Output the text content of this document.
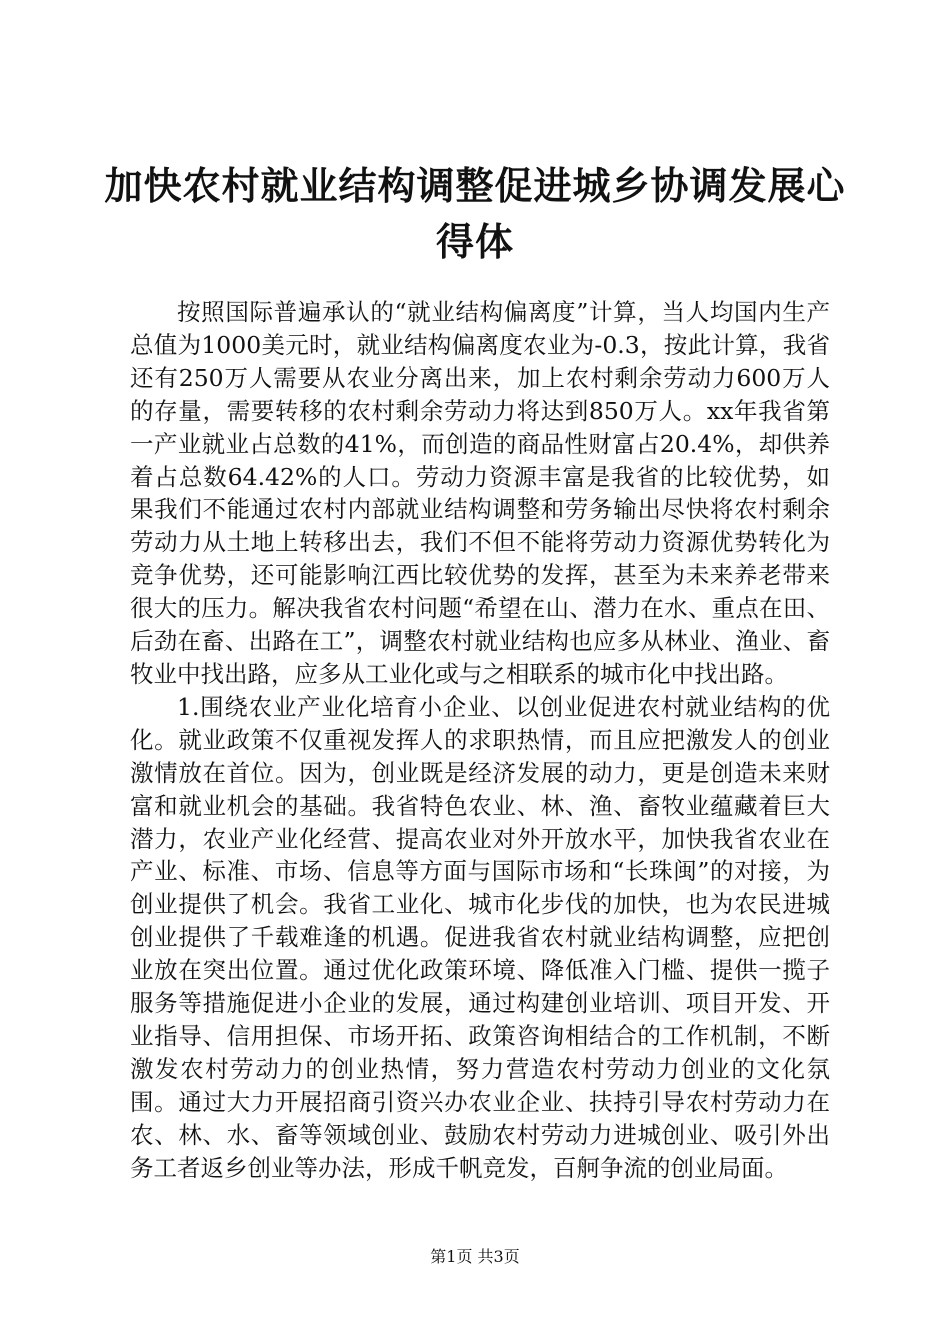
加快农村就业结构调整促进城乡协调发展心得体

按照国际普遍承认的“就业结构偏离度”计算，当人均国内生产总值为1000美元时，就业结构偏离度农业为-0.3，按此计算，我省还有250万人需要从农业分离出来，加上农村剩余劳动力600万人的存量，需要转移的农村剩余劳动力将达到850万人。xx年我省第一产业就业占总数的41%，而创造的商品性财富占20.4%，却供养着占总数64.42%的人口。劳动力资源丰富是我省的比较优势，如果我们不能通过农村内部就业结构调整和劳务输出尽快将农村剩余劳动力从土地上转移出去，我们不但不能将劳动力资源优势转化为竞争优势，还可能影响江西比较优势的发挥，甚至为未来养老带来很大的压力。解决我省农村问题“希望在山、潜力在水、重点在田、后劲在畜、出路在工”，调整农村就业结构也应多从林业、渔业、畜牧业中找出路，应多从工业化或与之相联系的城市化中找出路。

1.围绕农业产业化培育小企业、以创业促进农村就业结构的优化。就业政策不仅重视发挥人的求职热情，而且应把激发人的创业激情放在首位。因为，创业既是经济发展的动力，更是创造未来财富和就业机会的基础。我省特色农业、林、渔、畜牧业蕴藏着巨大潜力，农业产业化经营、提高农业对外开放水平，加快我省农业在产业、标准、市场、信息等方面与国际市场和“长珠闽”的对接，为创业提供了机会。我省工业化、城市化步伐的加快，也为农民进城创业提供了千载难逢的机遇。促进我省农村就业结构调整，应把创业放在突出位置。通过优化政策环境、降低准入门槛、提供一揽子服务等措施促进小企业的发展，通过构建创业培训、项目开发、开业指导、信用担保、市场开拓、政策咨询相结合的工作机制，不断激发农村劳动力的创业热情，努力营造农村劳动力创业的文化氛围。通过大力开展招商引资兴办农业企业、扶持引导农村劳动力在农、林、水、畜等领域创业、鼓励农村劳动力进城创业、吸引外出务工者返乡创业等办法，形成千帆竞发，百舸争流的创业局面。

第1页 共3页
